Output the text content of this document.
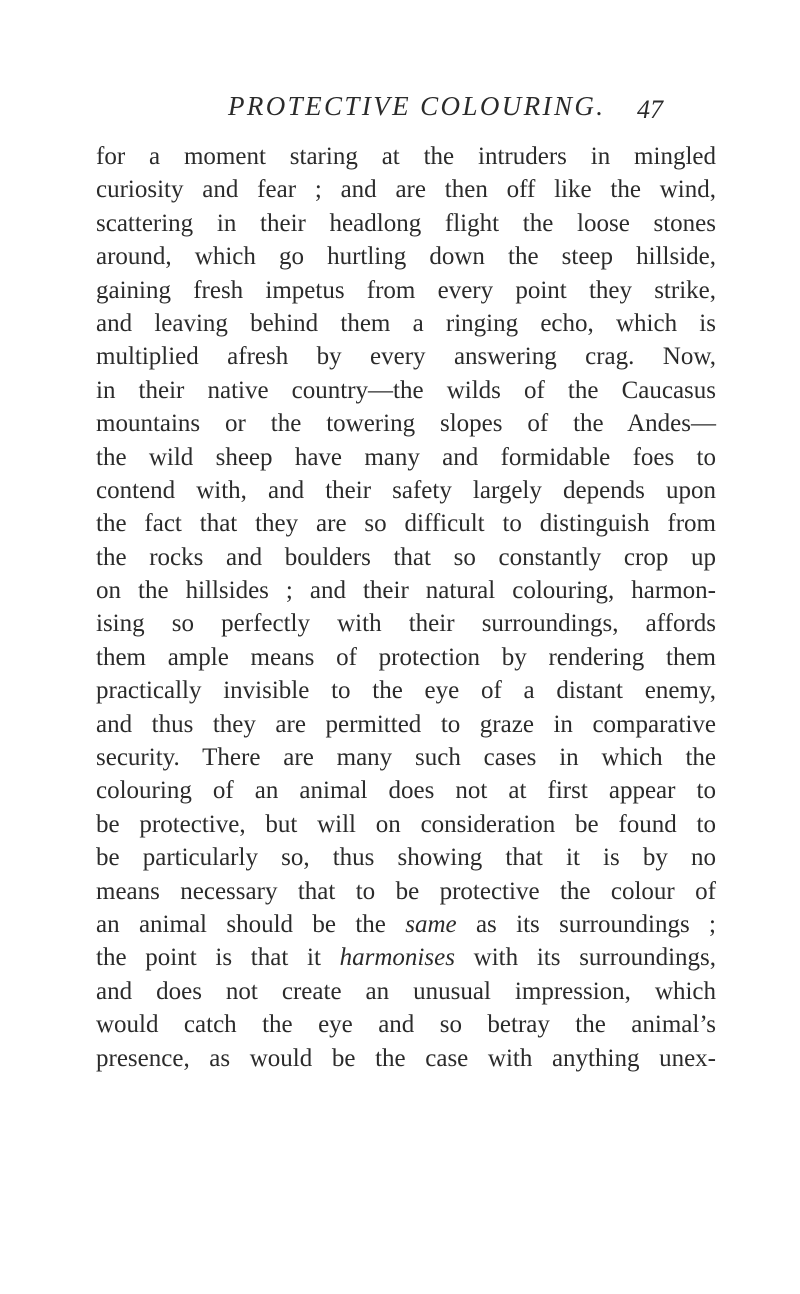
PROTECTIVE COLOURING. 47
for a moment staring at the intruders in mingled
curiosity and fear ; and are then off like the wind,
scattering in their headlong flight the loose stones
around, which go hurtling down the steep hillside,
gaining fresh impetus from every point they strike,
and leaving behind them a ringing echo, which is
multiplied afresh by every answering crag. Now,
in their native country—the wilds of the Caucasus
mountains or the towering slopes of the Andes—
the wild sheep have many and formidable foes to
contend with, and their safety largely depends upon
the fact that they are so difficult to distinguish from
the rocks and boulders that so constantly crop up
on the hillsides ; and their natural colouring, harmon-
ising so perfectly with their surroundings, affords
them ample means of protection by rendering them
practically invisible to the eye of a distant enemy,
and thus they are permitted to graze in comparative
security. There are many such cases in which the
colouring of an animal does not at first appear to
be protective, but will on consideration be found to
be particularly so, thus showing that it is by no
means necessary that to be protective the colour of
an animal should be the same as its surroundings ;
the point is that it harmonises with its surroundings,
and does not create an unusual impression, which
would catch the eye and so betray the animal’s
presence, as would be the case with anything unex-
